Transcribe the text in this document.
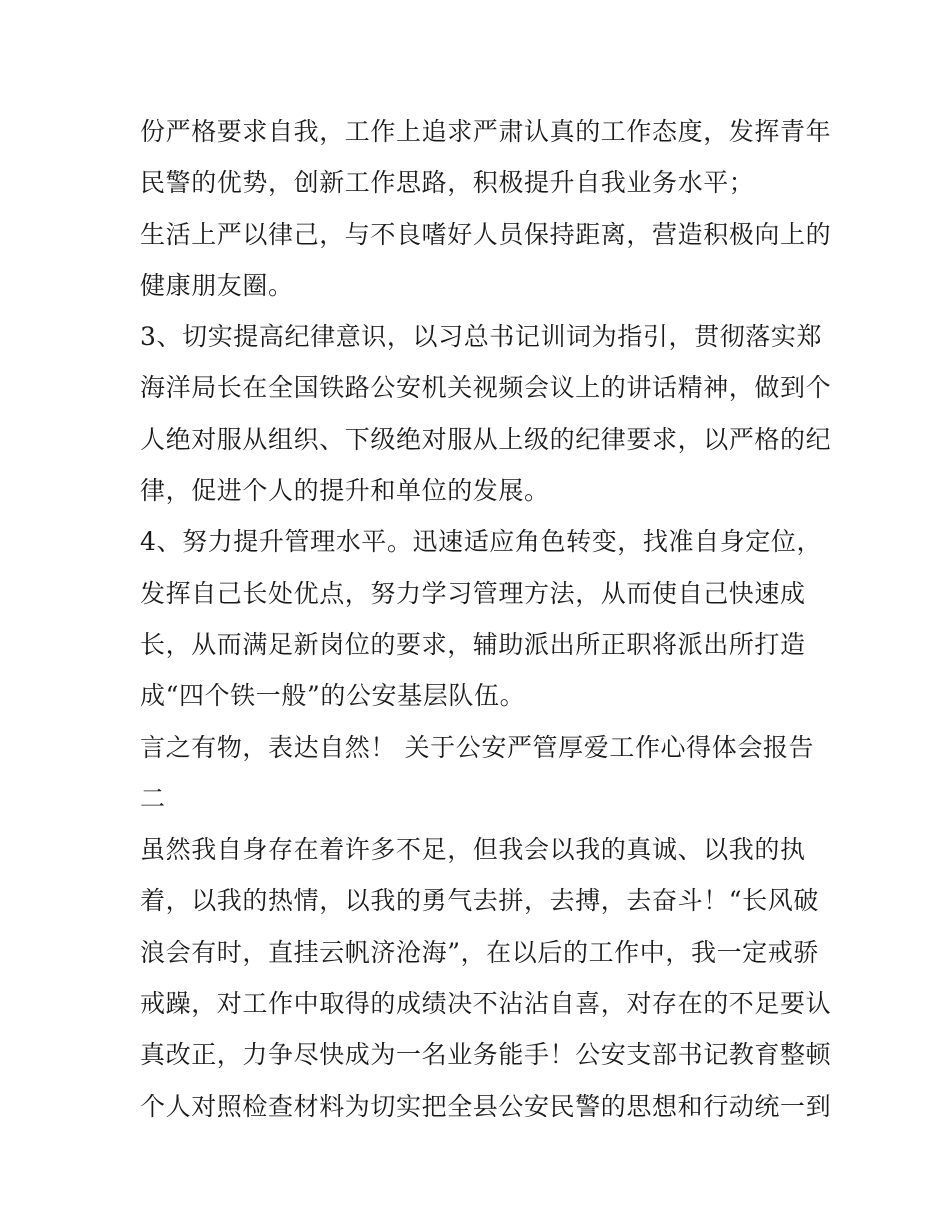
份严格要求自我，工作上追求严肃认真的工作态度，发挥青年
民警的优势，创新工作思路，积极提升自我业务水平；
生活上严以律己，与不良嗜好人员保持距离，营造积极向上的
健康朋友圈。
3、切实提高纪律意识，以习总书记训词为指引，贯彻落实郑
海洋局长在全国铁路公安机关视频会议上的讲话精神，做到个
人绝对服从组织、下级绝对服从上级的纪律要求，以严格的纪
律，促进个人的提升和单位的发展。
4、努力提升管理水平。迅速适应角色转变，找准自身定位，
发挥自己长处优点，努力学习管理方法，从而使自己快速成
长，从而满足新岗位的要求，辅助派出所正职将派出所打造
成“四个铁一般”的公安基层队伍。
言之有物，表达自然！ 关于公安严管厚爱工作心得体会报告
二
虽然我自身存在着许多不足，但我会以我的真诚、以我的执
着，以我的热情，以我的勇气去拼，去搏，去奋斗！“长风破
浪会有时，直挂云帆济沧海”，在以后的工作中，我一定戒骄
戒躁，对工作中取得的成绩决不沾沾自喜，对存在的不足要认
真改正，力争尽快成为一名业务能手！公安支部书记教育整顿
个人对照检查材料为切实把全县公安民警的思想和行动统一到
